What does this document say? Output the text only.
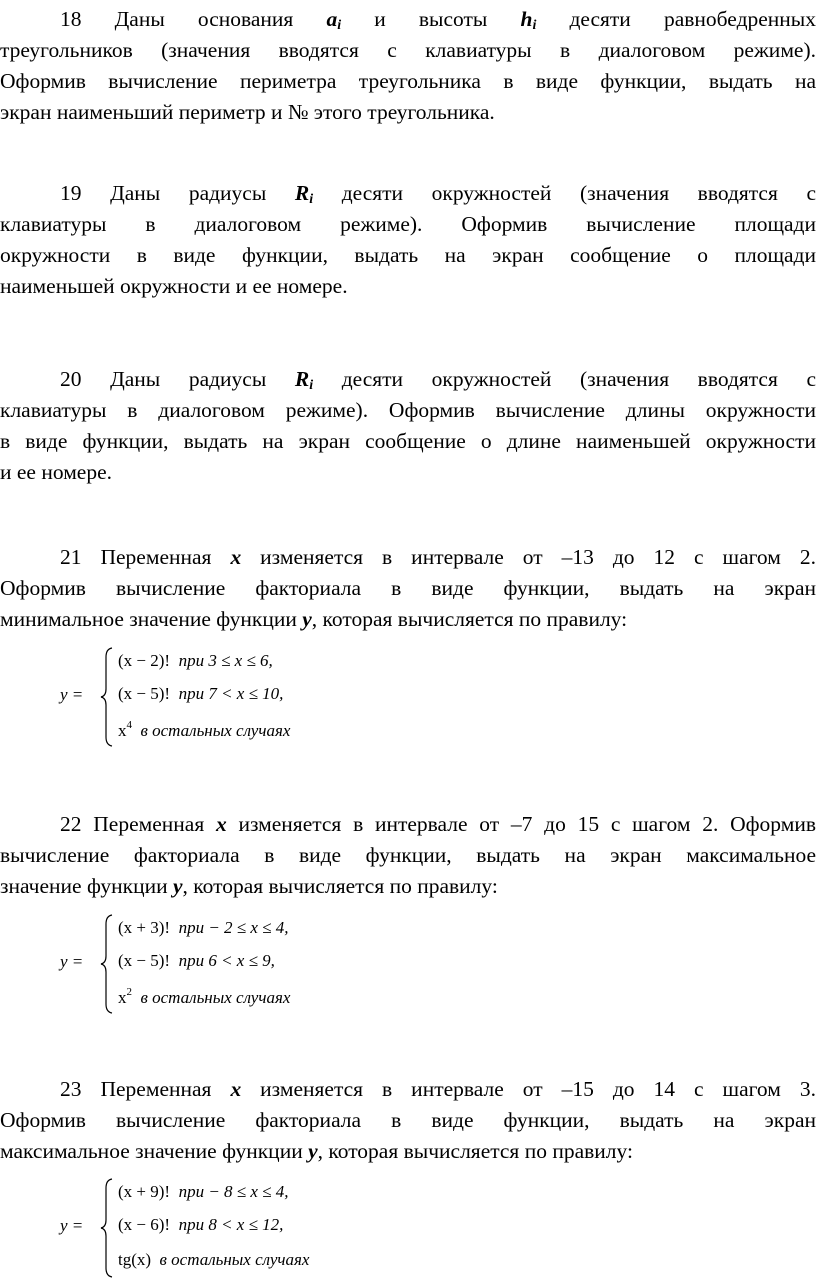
18 Даны основания $a_i$ и высоты $h_i$ десяти равнобедренных
треугольников (значения вводятся с клавиатуры в диалоговом режиме).
Оформив вычисление периметра треугольника в виде функции, выдать на
экран наименьший периметр и № этого треугольника.
19 Даны радиусы $R_i$ десяти окружностей (значения вводятся с
клавиатуры в диалоговом режиме). Оформив вычисление площади
окружности в виде функции, выдать на экран сообщение о площади
наименьшей окружности и ее номере.
20 Даны радиусы $R_i$ десяти окружностей (значения вводятся с
клавиатуры в диалоговом режиме). Оформив вычисление длины окружности
в виде функции, выдать на экран сообщение о длине наименьшей окружности
и ее номере.
21 Переменная x изменяется в интервале от –13 до 12 с шагом 2.
Оформив вычисление факториала в виде функции, выдать на экран
минимальное значение функции y, которая вычисляется по правилу:
y =
(x − 2)! при 3 ≤ x ≤ 6,
(x − 5)! при 7 < x ≤ 10,
$x^4$ в остальных случаях
22 Переменная x изменяется в интервале от –7 до 15 с шагом 2. Оформив
вычисление факториала в виде функции, выдать на экран максимальное
значение функции y, которая вычисляется по правилу:
y =
(x + 3)! при − 2 ≤ x ≤ 4,
(x − 5)! при 6 < x ≤ 9,
$x^2$ в остальных случаях
23 Переменная x изменяется в интервале от –15 до 14 с шагом 3.
Оформив вычисление факториала в виде функции, выдать на экран
максимальное значение функции y, которая вычисляется по правилу:
y =
(x + 9)! при − 8 ≤ x ≤ 4,
(x − 6)! при 8 < x ≤ 12,
tg(x) в остальных случаях
